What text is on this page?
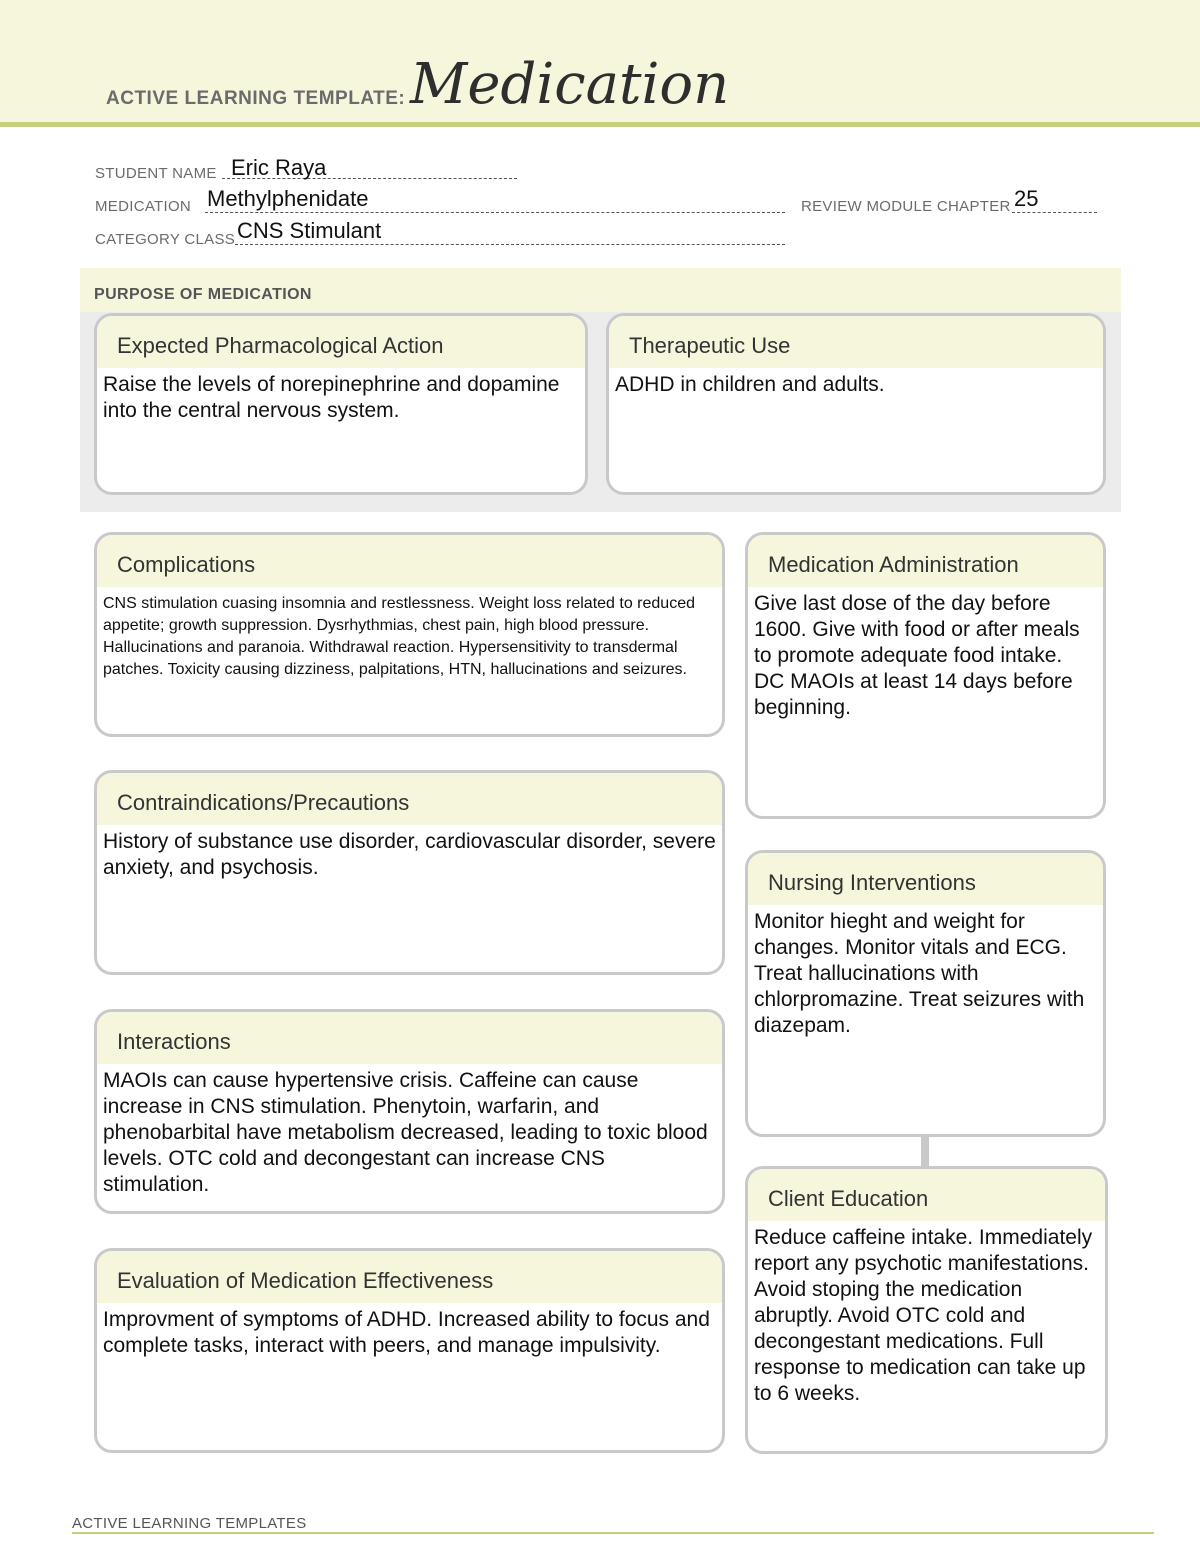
ACTIVE LEARNING TEMPLATE: Medication
STUDENT NAME Eric Raya
MEDICATION Methylphenidate	REVIEW MODULE CHAPTER 25
CATEGORY CLASS CNS Stimulant
PURPOSE OF MEDICATION
Expected Pharmacological Action
Raise the levels of norepinephrine and dopamine into the central nervous system.
Therapeutic Use
ADHD in children and adults.
Complications
CNS stimulation cuasing insomnia and restlessness. Weight loss related to reduced appetite; growth suppression. Dysrhythmias, chest pain, high blood pressure. Hallucinations and paranoia. Withdrawal reaction. Hypersensitivity to transdermal patches. Toxicity causing dizziness, palpitations, HTN, hallucinations and seizures.
Contraindications/Precautions
History of substance use disorder, cardiovascular disorder, severe anxiety, and psychosis.
Interactions
MAOIs can cause hypertensive crisis. Caffeine can cause increase in CNS stimulation. Phenytoin, warfarin, and phenobarbital have metabolism decreased, leading to toxic blood levels. OTC cold and decongestant can increase CNS stimulation.
Evaluation of Medication Effectiveness
Improvment of symptoms of ADHD. Increased ability to focus and complete tasks, interact with peers, and manage impulsivity.
Medication Administration
Give last dose of the day before 1600. Give with food or after meals to promote adequate food intake. DC MAOIs at least 14 days before beginning.
Nursing Interventions
Monitor hieght and weight for changes. Monitor vitals and ECG. Treat hallucinations with chlorpromazine. Treat seizures with diazepam.
Client Education
Reduce caffeine intake. Immediately report any psychotic manifestations. Avoid stoping the medication abruptly. Avoid OTC cold and decongestant medications. Full response to medication can take up to 6 weeks.
ACTIVE LEARNING TEMPLATES
